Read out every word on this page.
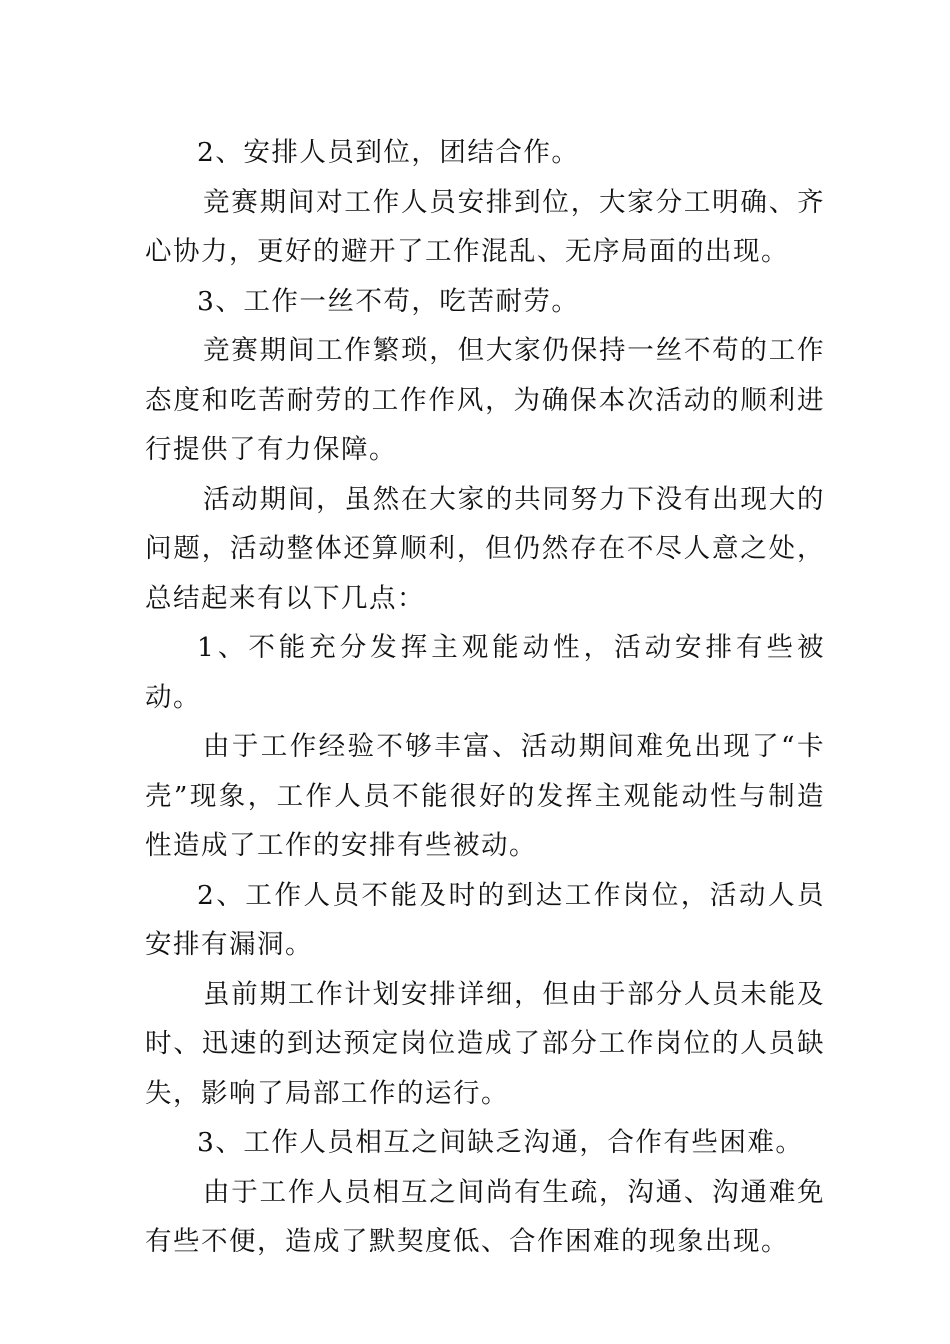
2、安排人员到位，团结合作。

竞赛期间对工作人员安排到位，大家分工明确、齐心协力，更好的避开了工作混乱、无序局面的出现。

3、工作一丝不苟，吃苦耐劳。

竞赛期间工作繁琐，但大家仍保持一丝不苟的工作态度和吃苦耐劳的工作作风，为确保本次活动的顺利进行提供了有力保障。

活动期间，虽然在大家的共同努力下没有出现大的问题，活动整体还算顺利，但仍然存在不尽人意之处，总结起来有以下几点：

1、不能充分发挥主观能动性，活动安排有些被动。

由于工作经验不够丰富、活动期间难免出现了“卡壳”现象，工作人员不能很好的发挥主观能动性与制造性造成了工作的安排有些被动。

2、工作人员不能及时的到达工作岗位，活动人员安排有漏洞。

虽前期工作计划安排详细，但由于部分人员未能及时、迅速的到达预定岗位造成了部分工作岗位的人员缺失，影响了局部工作的运行。

3、工作人员相互之间缺乏沟通，合作有些困难。

由于工作人员相互之间尚有生疏，沟通、沟通难免有些不便，造成了默契度低、合作困难的现象出现。
